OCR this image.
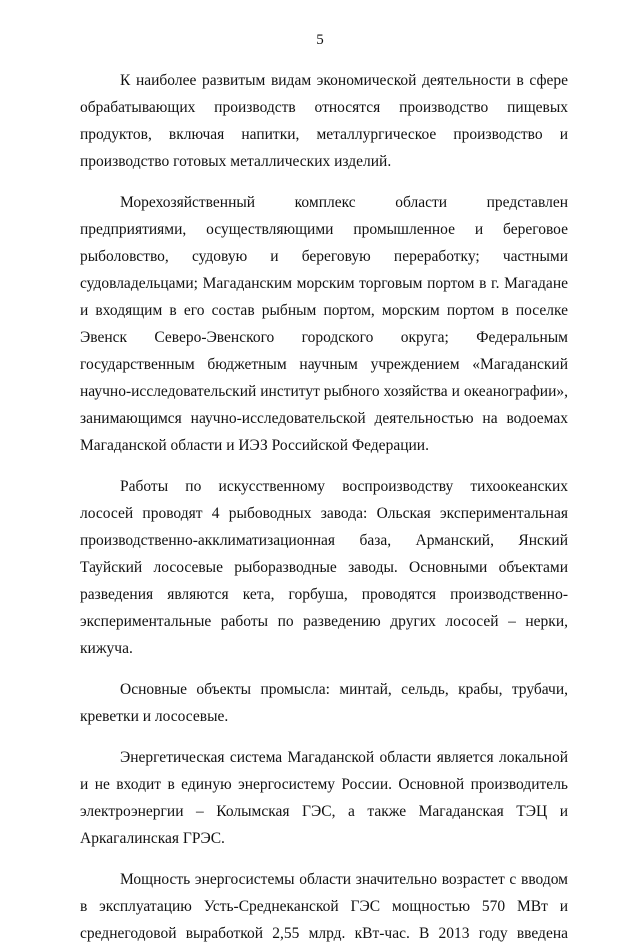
5

К наиболее развитым видам экономической деятельности в сфере обрабатывающих производств относятся производство пищевых продуктов, включая напитки, металлургическое производство и производство готовых металлических изделий.

Морехозяйственный комплекс области представлен предприятиями, осуществляющими промышленное и береговое рыболовство, судовую и береговую переработку; частными судовладельцами; Магаданским морским торговым портом в г. Магадане и входящим в его состав рыбным портом, морским портом в поселке Эвенск Северо-Эвенского городского округа; Федеральным государственным бюджетным научным учреждением «Магаданский научно-исследовательский институт рыбного хозяйства и океанографии», занимающимся научно-исследовательской деятельностью на водоемах Магаданской области и ИЭЗ Российской Федерации.

Работы по искусственному воспроизводству тихоокеанских лососей проводят 4 рыбоводных завода: Ольская экспериментальная производственно-акклиматизационная база, Арманский, Янский Тауйский лососевые рыборазводные заводы. Основными объектами разведения являются кета, горбуша, проводятся производственно-экспериментальные работы по разведению других лососей – нерки, кижуча.

Основные объекты промысла: минтай, сельдь, крабы, трубачи, креветки и лососевые.

Энергетическая система Магаданской области является локальной и не входит в единую энергосистему России. Основной производитель электроэнергии – Колымская ГЭС, а также Магаданская ТЭЦ и Аркагалинская ГРЭС.

Мощность энергосистемы области значительно возрастет с вводом в эксплуатацию Усть-Среднеканской ГЭС мощностью 570 МВт и среднегодовой выработкой 2,55 млрд. кВт-час. В 2013 году введена
